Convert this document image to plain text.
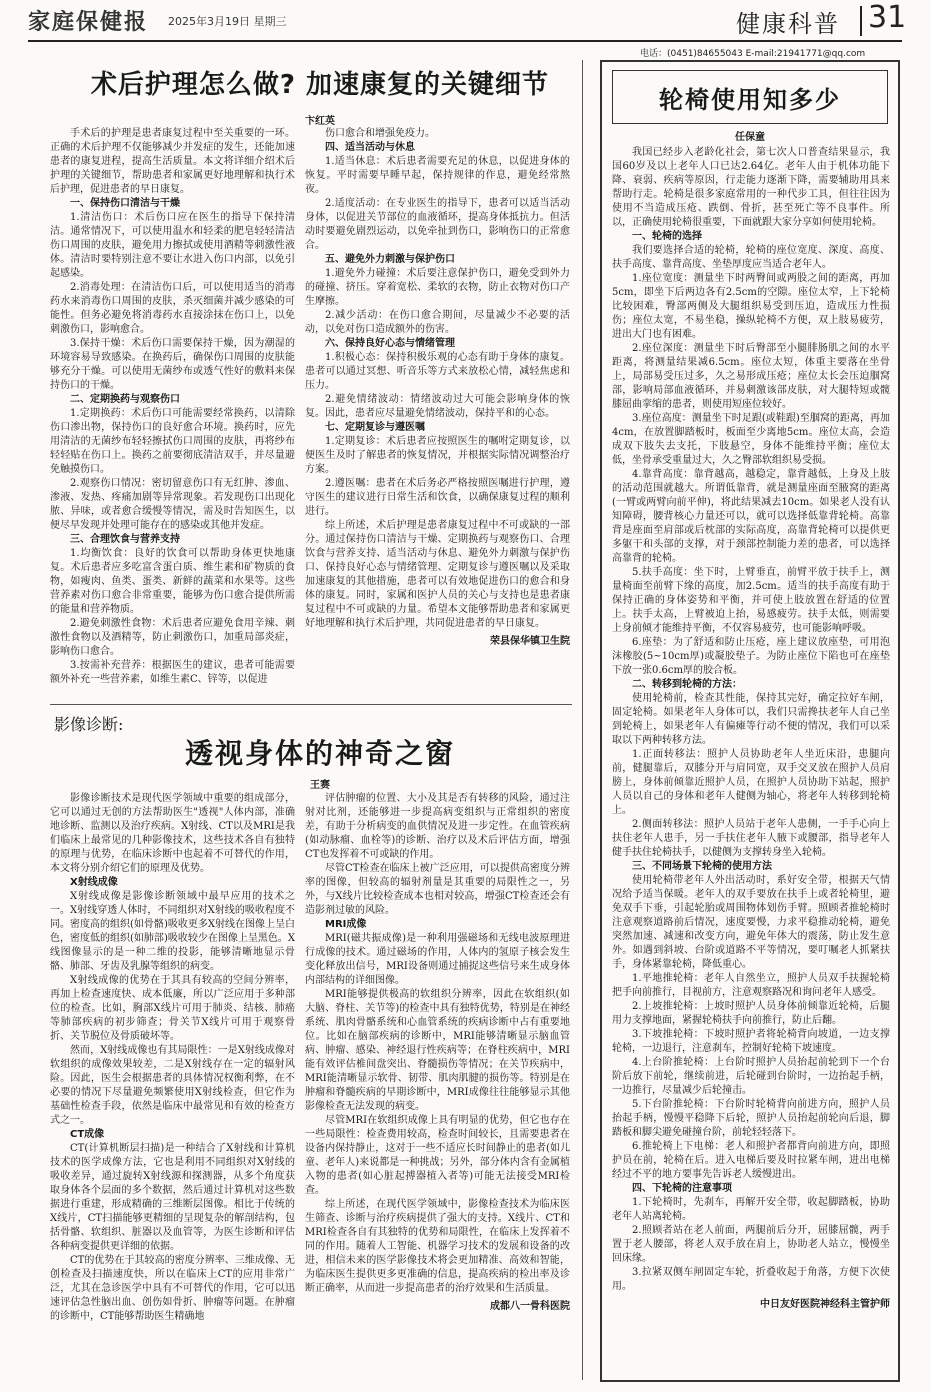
家庭保健报 2025年3月19日 星期三	健康科普 31
电话：(0451)84655043 E-mail:21941771@qq.com
术后护理怎么做? 加速康复的关键细节
卞红英

手术后的护理是患者康复过程中至关重要的一环。正确的术后护理不仅能够减少并发症的发生，还能加速患者的康复进程，提高生活质量。本文将详细介绍术后护理的关键细节，帮助患者和家属更好地理解和执行术后护理，促进患者的早日康复。

一、保持伤口清洁与干燥

1.清洁伤口：术后伤口应在医生的指导下保持清洁。通常情况下，可以使用温水和轻柔的肥皂轻轻清洁伤口周围的皮肤，避免用力擦拭或使用酒精等刺激性液体。清洁时要特别注意不要让水进入伤口内部，以免引起感染。

2.消毒处理：在清洁伤口后，可以使用适当的消毒药水来消毒伤口周围的皮肤，杀灭细菌并减少感染的可能性。但务必避免将消毒药水直接涂抹在伤口上，以免刺激伤口，影响愈合。

3.保持干燥：术后伤口需要保持干燥，因为潮湿的环境容易导致感染。在换药后，确保伤口周围的皮肤能够充分干燥。可以使用无菌纱布或透气性好的敷料来保持伤口的干燥。

二、定期换药与观察伤口

1.定期换药：术后伤口可能需要经常换药，以清除伤口渗出物，保持伤口的良好愈合环境。换药时，应先用清洁的无菌纱布轻轻擦拭伤口周围的皮肤，再将纱布轻轻贴在伤口上。换药之前要彻底清洁双手，并尽量避免触摸伤口。

2.观察伤口情况：密切留意伤口有无红肿、渗血、渗液、发热、疼痛加剧等异常现象。若发现伤口出现化脓、异味，或者愈合缓慢等情况，需及时告知医生，以便尽早发现并处理可能存在的感染或其他并发症。

三、合理饮食与营养支持

1.均衡饮食：良好的饮食可以帮助身体更快地康复。术后患者应多吃富含蛋白质、维生素和矿物质的食物，如瘦肉、鱼类、蛋类、新鲜的蔬菜和水果等。这些营养素对伤口愈合非常重要，能够为伤口愈合提供所需的能量和营养物质。

2.避免刺激性食物：术后患者应避免食用辛辣、刺激性食物以及酒精等，防止刺激伤口，加重局部炎症，影响伤口愈合。

3.按需补充营养：根据医生的建议，患者可能需要额外补充一些营养素，如维生素C、锌等，以促进

伤口愈合和增强免疫力。

四、适当活动与休息

1.适当休息：术后患者需要充足的休息，以促进身体的恢复。平时需要早睡早起，保持规律的作息，避免经常熬夜。

2.适度活动：在专业医生的指导下，患者可以适当活动身体，以促进关节部位的血液循环，提高身体抵抗力。但活动时要避免剧烈运动，以免牵扯到伤口，影响伤口的正常愈合。

五、避免外力刺激与保护伤口

1.避免外力碰撞：术后要注意保护伤口，避免受到外力的碰撞、挤压。穿着宽松、柔软的衣物，防止衣物对伤口产生摩擦。

2.减少活动：在伤口愈合期间，尽量减少不必要的活动，以免对伤口造成额外的伤害。

六、保持良好心态与情绪管理

1.积极心态：保持积极乐观的心态有助于身体的康复。患者可以通过冥想、听音乐等方式来放松心情，减轻焦虑和压力。

2.避免情绪波动：情绪波动过大可能会影响身体的恢复。因此，患者应尽量避免情绪波动，保持平和的心态。

七、定期复诊与遵医嘱

1.定期复诊：术后患者应按照医生的嘱咐定期复诊，以便医生及时了解患者的恢复情况，并根据实际情况调整治疗方案。

2.遵医嘱：患者在术后务必严格按照医嘱进行护理，遵守医生的建议进行日常生活和饮食，以确保康复过程的顺利进行。

综上所述，术后护理是患者康复过程中不可或缺的一部分。通过保持伤口清洁与干燥、定期换药与观察伤口、合理饮食与营养支持、适当活动与休息、避免外力刺激与保护伤口、保持良好心态与情绪管理、定期复诊与遵医嘱以及采取加速康复的其他措施，患者可以有效地促进伤口的愈合和身体的康复。同时，家属和医护人员的关心与支持也是患者康复过程中不可或缺的力量。希望本文能够帮助患者和家属更好地理解和执行术后护理，共同促进患者的早日康复。

荣县保华镇卫生院

影像诊断:
透视身体的神奇之窗
王赛

影像诊断技术是现代医学领域中重要的组成部分，它可以通过无创的方法帮助医生"透视"人体内部，准确地诊断、监测以及治疗疾病。X射线、CT以及MRI是我们临床上最常见的几种影像技术，这些技术各自有独特的原理与优势，在临床诊断中也起着不可替代的作用，本文将分别介绍它们的原理及优势。

X射线成像

X射线成像是影像诊断领域中最早应用的技术之一。X射线穿透人体时，不同组织对X射线的吸收程度不同。密度高的组织(如骨骼)吸收更多X射线在图像上呈白色，密度低的组织(如肺部)吸收较少在图像上呈黑色。X线图像显示的是一种二维的投影，能够清晰地显示骨骼、肺部、牙齿及乳腺等组织的病变。

X射线成像的优势在于其具有较高的空间分辨率，再加上检查速度快、成本低廉，所以广泛应用于多种部位的检查。比如，胸部X线片可用于肺炎、结核、肺癌等肺部疾病的初步筛查；骨关节X线片可用于观察骨折、关节脱位及骨质破坏等。

然而，X射线成像也有其局限性：一是X射线成像对软组织的成像效果较差，二是X射线存在一定的辐射风险。因此，医生会根据患者的具体情况权衡利弊，在不必要的情况下尽量避免频繁使用X射线检查，但它作为基础性检查手段，依然是临床中最常见和有效的检查方式之一。

CT成像

CT(计算机断层扫描)是一种结合了X射线和计算机技术的医学成像方法，它也是利用不同组织对X射线的吸收差异，通过旋转X射线源和探测器，从多个角度获取身体各个层面的多个数据，然后通过计算机对这些数据进行重建，形成精确的三维断层图像。相比于传统的X线片，CT扫描能够更精细的呈现复杂的解剖结构，包括骨骼、软组织、脏器以及血管等，为医生诊断和评估各种病变提供更详细的依据。

CT的优势在于其较高的密度分辨率、三维成像、无创检查及扫描速度快，所以在临床上CT的应用非常广泛，尤其在急诊医学中具有不可替代的作用，它可以迅速评估急性脑出血、创伤如骨折、肿瘤等问题。在肿瘤的诊断中，CT能够帮助医生精确地

评估肿瘤的位置、大小及其是否有转移的风险，通过注射对比剂，还能够进一步提高病变组织与正常组织的密度差，有助于分析病变的血供情况及进一步定性。在血管疾病(如动脉瘤、血栓等)的诊断、治疗以及术后评估方面，增强CT也发挥着不可或缺的作用。

尽管CT检查在临床上被广泛应用，可以提供高密度分辨率的图像，但较高的辐射剂量是其重要的局限性之一，另外，与X线片比较检查成本也相对较高，增强CT检查还会有造影剂过敏的风险。

MRI成像

MRI(磁共振成像)是一种利用强磁场和无线电波原理进行成像的技术。通过磁场的作用，人体内的氢原子核会发生变化释放出信号，MRI设备则通过捕捉这些信号来生成身体内部结构的详细图像。

MRI能够提供极高的软组织分辨率，因此在软组织(如大脑、脊柱、关节等)的检查中具有独特优势，特别是在神经系统、肌肉骨骼系统和心血管系统的疾病诊断中占有重要地位。比如在脑部疾病的诊断中，MRI能够清晰显示脑血管病、肿瘤、感染、神经退行性疾病等；在脊柱疾病中，MRI能有效评估椎间盘突出、脊髓损伤等情况；在关节疾病中，MRI能清晰显示软骨、韧带、肌肉肌腱的损伤等。特别是在肿瘤和脊髓疾病的早期诊断中，MRI成像往往能够显示其他影像检查无法发现的病变。

尽管MRI在软组织成像上具有明显的优势，但它也存在一些局限性：检查费用较高，检查时间较长，且需要患者在设备内保持静止，这对于一些不适应长时间静止的患者(如儿童、老年人)来说都是一种挑战；另外，部分体内含有金属植入物的患者(如心脏起搏器植入者等)可能无法接受MRI检查。

综上所述，在现代医学领域中，影像检查技术为临床医生筛查、诊断与治疗疾病提供了强大的支持。X线片、CT和MRI检查各自有其独特的优势和局限性，在临床上发挥着不同的作用。随着人工智能、机器学习技术的发展和设备的改进，相信未来的医学影像技术将会更加精准、高效和智能，为临床医生提供更多更准确的信息，提高疾病的检出率及诊断正确率，从而进一步提高患者的治疗效果和生活质量。

成都八一骨科医院

轮椅使用知多少
任保童

我国已经步入老龄化社会，第七次人口普查结果显示，我国60岁及以上老年人口已达2.64亿。老年人由于机体功能下降、衰弱、疾病等原因，行走能力逐渐下降，需要辅助用具来帮助行走。轮椅是很多家庭常用的一种代步工具，但往往因为使用不当造成压疮、跌倒、骨折，甚至死亡等不良事件。所以，正确使用轮椅很重要，下面就跟大家分享如何使用轮椅。

一、轮椅的选择

我们要选择合适的轮椅，轮椅的座位宽度、深度、高度、扶手高度、靠背高度、坐垫厚度应当适合老年人。

1.座位宽度：测量坐下时两臀间或两股之间的距离，再加5cm，即坐下后两边各有2.5cm的空隙。座位太窄，上下轮椅比较困难，臀部两侧及大腿组织易受到压迫，造成压力性损伤；座位太宽，不易坐稳，操纵轮椅不方便，双上肢易疲劳，进出大门也有困难。

2.座位深度：测量坐下时后臀部至小腿腓肠肌之间的水平距离，将测量结果减6.5cm。座位太短，体重主要落在坐骨上，局部易受压过多，久之易形成压疮；座位太长会压迫腘窝部，影响局部血液循环，并易刺激该部皮肤，对大腿特短或髋膝屈曲挛缩的患者，则使用短座位较好。

3.座位高度：测量坐下时足跟(或鞋跟)至腘窝的距离，再加4cm，在放置脚踏板时，板面至少离地5cm。座位太高，会造成双下肢失去支托，下肢悬空，身体不能维持平衡；座位太低，坐骨承受重量过大，久之臀部软组织易受损。

4.靠背高度：靠背越高，越稳定，靠背越低，上身及上肢的活动范围就越大。所谓低靠背，就是测量座面至腋窝的距离(一臂或两臂向前平伸)，将此结果减去10cm。如果老人没有认知障碍，腰背核心力量还可以，就可以选择低靠背轮椅。高靠背是座面至肩部或后枕部的实际高度，高靠背轮椅可以提供更多躯干和头部的支撑，对于颈部控制能力差的患者，可以选择高靠背的轮椅。

5.扶手高度：坐下时，上臂垂直，前臂平放于扶手上，测量椅面至前臂下缘的高度，加2.5cm。适当的扶手高度有助于保持正确的身体姿势和平衡，并可使上肢放置在舒适的位置上。扶手太高，上臂被迫上抬，易感疲劳。扶手太低，则需要上身前倾才能维持平衡，不仅容易疲劳，也可能影响呼吸。

6.座垫：为了舒适和防止压疮，座上建议放座垫，可用泡沫橡胶(5~10cm厚)或凝胶垫子。为防止座位下陷也可在座垫下放一张0.6cm厚的胶合板。

二、转移到轮椅的方法：

使用轮椅前，检查其性能，保持其完好，确定拉好车闸，固定轮椅。如果老年人身体可以，我们只需搀扶老年人自己坐到轮椅上，如果老年人有偏瘫等行动不便的情况，我们可以采取以下两种转移方法。

1.正面转移法：照护人员协助老年人坐近床沿，患腿向前，健腿靠后，双膝分开与肩同宽，双手交叉放在照护人员肩膀上，身体前倾靠近照护人员，在照护人员协助下站起，照护人员以自己的身体和老年人健侧为轴心，将老年人转移到轮椅上。

2.侧面转移法：照护人员站于老年人患侧，一手手心向上扶住老年人患手，另一手扶住老年人腋下或腰部，指导老年人健手扶住轮椅扶手，以健侧为支撑转身坐入轮椅。

三、不同场景下轮椅的使用方法

使用轮椅带老年人外出活动时，系好安全带，根据天气情况给予适当保暖。老年人的双手要放在扶手上或者轮椅里，避免双手下垂，引起轮胎或周围物体划伤手臂。照顾者推轮椅时注意观察道路前后情况，速度要慢，力求平稳推动轮椅，避免突然加速、减速和改变方向，避免年体大的震荡，防止发生意外。如遇到斜坡、台阶或道路不平等情况，要叮嘱老人抓紧扶手，身体紧靠轮椅，降低重心。

1.平地推轮椅：老年人自然坐立，照护人员双手扶握轮椅把手向前推行，目视前方，注意观察路况和询问老年人感受。

2.上坡推轮椅：上坡时照护人员身体前倾靠近轮椅，后腿用力支撑地面，紧握轮椅扶手向前推行，防止后翻。

3.下坡推轮椅：下坡时照护者将轮椅背向坡道，一边支撑轮椅，一边退行，注意刹车，控制好轮椅下坡速度。

4.上台阶推轮椅：上台阶时照护人员抬起前轮到下一个台阶后放下前轮，继续前进，后轮碰到台阶时，一边抬起手柄，一边推行，尽量减少后轮撞击。

5.下台阶推轮椅：下台阶时轮椅背向前进方向，照护人员抬起手柄，慢慢平稳降下后轮，照护人员抬起前轮向后退，脚踏板和脚尖避免碰撞台阶，前轮轻轻落下。

6.推轮椅上下电梯：老人和照护者都背向前进方向，即照护员在前，轮椅在后。进入电梯后要及时拉紧车闸，进出电梯经过不平的地方要事先告诉老人缓慢进出。

四、下轮椅的注意事项

1.下轮椅时，先刹车，再解开安全带，收起脚踏板，协助老年人站离轮椅。

2.照顾者站在老人前面，两腿前后分开，屈膝屈髋，两手置于老人腰部，将老人双手放在肩上，协助老人站立，慢慢坐回床缘。

3.拉紧双侧车闸固定车轮，折叠收起于角落，方便下次使用。

中日友好医院神经科主管护师
